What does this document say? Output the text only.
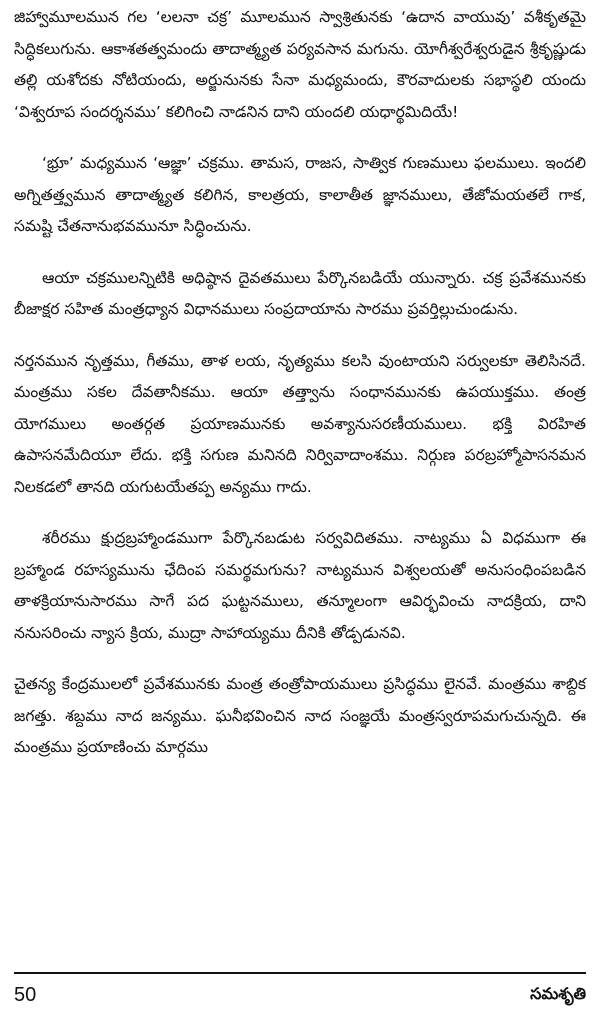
జిహ్వామూలమున గల ‘లలనా చక్ర’ మూలమున స్వాశ్రితునకు ‘ఉదాన వాయువు’ వశీకృతమై సిద్ధికలుగును. ఆకాశతత్వమందు తాదాత్మ్యత పర్యవసాన మగును. యోగీశ్వరేశ్వరుడైన శ్రీకృష్ణుడు తల్లి యశోదకు నోటియందు, అర్జునునకు సేనా మధ్యమందు, కౌరవాదులకు సభాస్థలి యందు ‘విశ్వరూప సందర్శనము’ కలిగించి నాడనిన దాని యందలి యధార్థమిదియే!

‘భ్రూ’ మధ్యమున ‘ఆజ్ఞా’ చక్రము. తామస, రాజస, సాత్విక గుణములు ఫలములు. ఇందలి అగ్నితత్త్వమున తాదాత్మ్యత కలిగిన, కాలత్రయ, కాలాతీత జ్ఞానములు, తేజోమయతలే గాక, సమష్టి చేతనానుభవమునూ సిద్ధించును.

ఆయా చక్రములన్నిటికి అధిష్ఠాన దైవతములు పేర్కొనబడియే యున్నారు. చక్ర ప్రవేశమునకు బీజాక్షర సహిత మంత్రధ్యాన విధానములు సంప్రదాయాను సారము ప్రవర్తిల్లుచుండును.

నర్తనమున నృత్తము, గీతము, తాళ లయ, నృత్యము కలసి వుంటాయని సర్వులకూ తెలిసినదే. మంత్రము సకల దేవతానీకము. ఆయా తత్త్వాను సంధానమునకు ఉపయుక్తము. తంత్ర యోగములు అంతర్గత ప్రయాణమునకు అవశ్యానుసరణీయములు. భక్తి విరహిత ఉపాసనమేదియూ లేదు. భక్తి సగుణ మనినది నిర్వివాదాంశము. నిర్గుణ పరబ్రహ్మోపాసనమన నిలకడలో తానది యగుటయేతప్ప అన్యము గాదు.

శరీరము క్షుద్రబ్రహ్మాండముగా పేర్కొనబడుట సర్వవిదితము. నాట్యము ఏ విధముగా ఈ బ్రహ్మాండ రహస్యమును ఛేదింప సమర్థమగును? నాట్యమున విశ్వలయతో అనుసంధింపబడిన తాళక్రియానుసారము సాగే పద ఘట్టనములు, తన్మూలంగా ఆవిర్భవించు నాదక్రియ, దాని ననుసరించు న్యాస క్రియ, ముద్రా సాహాయ్యము దీనికి తోడ్పడునవి.

చైతన్య కేంద్రములలో ప్రవేశమునకు మంత్ర తంత్రోపాయములు ప్రసిద్ధము లైనవే. మంత్రము శాబ్దిక జగత్తు. శబ్దము నాద జన్యము. ఘనీభవించిన నాద సంజ్ఞయే మంత్రస్వరూపమగుచున్నది. ఈ మంత్రము ప్రయాణించు మార్గము

50	సమశృతి
